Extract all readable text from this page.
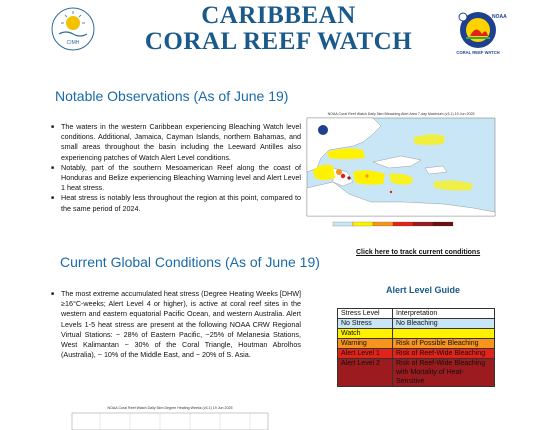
CIMH
NOAA
CORAL REEF WATCH
CARIBBEAN
CORAL REEF WATCH
Notable Observations (As of June 19)
■ The waters in the western Caribbean experiencing Bleaching Watch level conditions. Additional, Jamaica, Cayman Islands, northern Bahamas, and small areas throughout the basin including the Leeward Antilles also experiencing patches of Watch Alert Level conditions.
■ Notably, part of the southern Mesoamerican Reef along the coast of Honduras and Belize experiencing Bleaching Warning level and Alert Level 1 heat stress.
■ Heat stress is notably less throughout the region at this point, compared to the same period of 2024.
NOAA Coral Reef Watch Daily 5km Bleaching Alert Area 7-day Maximum (v3.1) 19 Jun 2025
Click here to track current conditions
Current Global Conditions (As of June 19)
■ The most extreme accumulated heat stress (Degree Heating Weeks [DHW] ≥16°C-weeks; Alert Level 4 or higher), is active at coral reef sites in the western and eastern equatorial Pacific Ocean, and western Australia. Alert Levels 1-5 heat stress are present at the following NOAA CRW Regional Virtual Stations: ~ 28% of Eastern Pacific, ~25% of Melanesia Stations, West Kalimantan ~ 30% of the Coral Triangle, Houtman Abrolhos (Australia), ~ 10% of the Middle East, and ~ 20% of S. Asia.
Alert Level Guide
Stress Level	Interpretation
No Stress	No Bleaching
Watch	
Warning	Risk of Possible Bleaching
Alert Level 1	Risk of Reef-Wide Bleaching
Alert Level 2	Risk of Reef-Wide Bleaching with Mortality of Heat-Sensitive
NOAA Coral Reef Watch Daily 5km Degree Heating Weeks (v3.1) 19 Jun 2025
